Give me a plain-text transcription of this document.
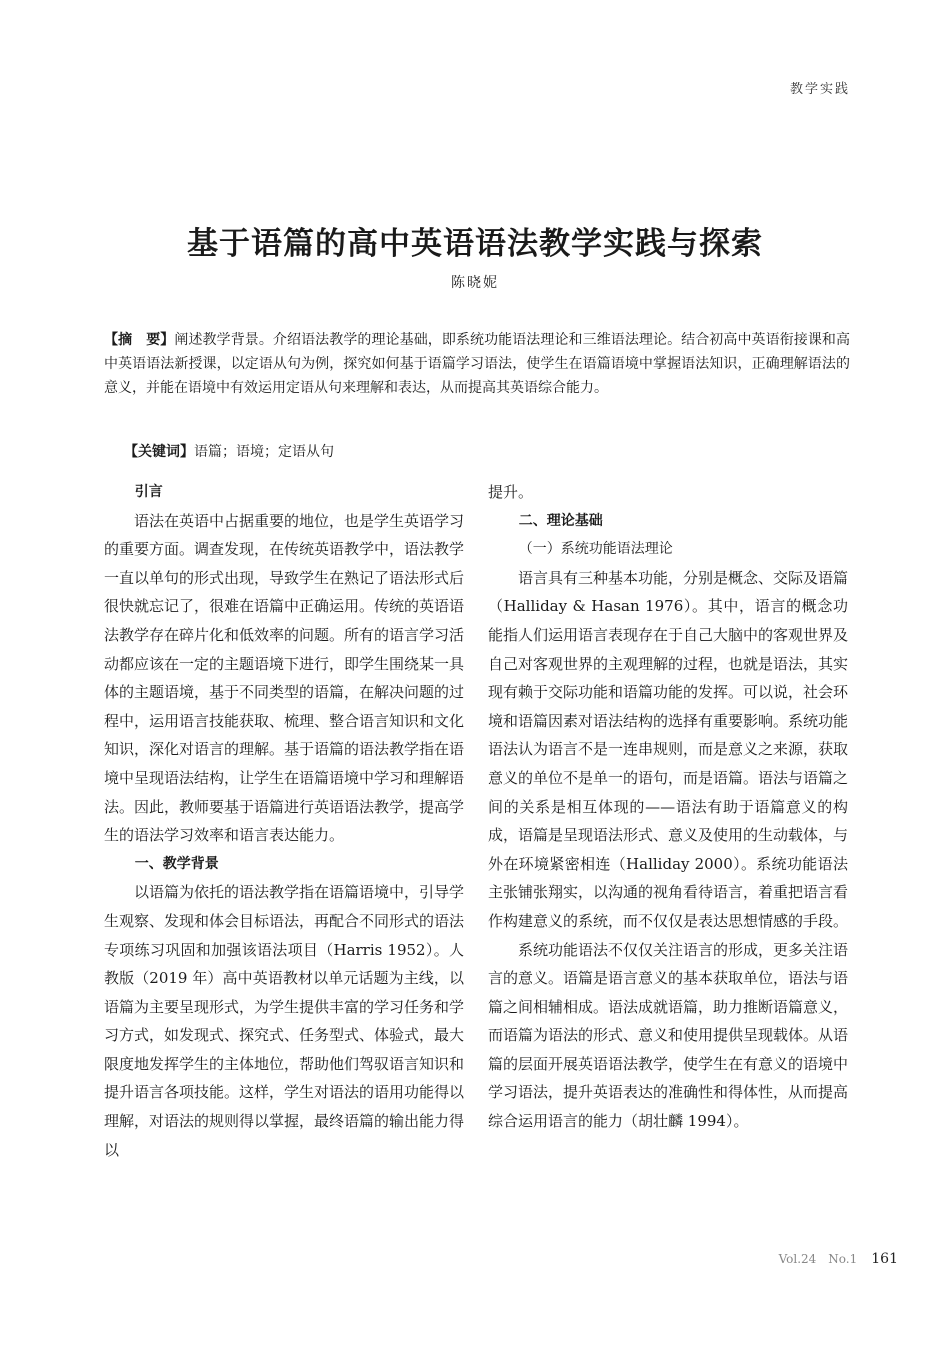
教学实践
基于语篇的高中英语语法教学实践与探索
陈晓妮

【摘　要】阐述教学背景。介绍语法教学的理论基础，即系统功能语法理论和三维语法理论。结合初高中英语衔接课和高中英语语法新授课，以定语从句为例，探究如何基于语篇学习语法，使学生在语篇语境中掌握语法知识，正确理解语法的意义，并能在语境中有效运用定语从句来理解和表达，从而提高其英语综合能力。

【关键词】语篇；语境；定语从句

引言

语法在英语中占据重要的地位，也是学生英语学习的重要方面。调查发现，在传统英语教学中，语法教学一直以单句的形式出现，导致学生在熟记了语法形式后很快就忘记了，很难在语篇中正确运用。传统的英语语法教学存在碎片化和低效率的问题。所有的语言学习活动都应该在一定的主题语境下进行，即学生围绕某一具体的主题语境，基于不同类型的语篇，在解决问题的过程中，运用语言技能获取、梳理、整合语言知识和文化知识，深化对语言的理解。基于语篇的语法教学指在语境中呈现语法结构，让学生在语篇语境中学习和理解语法。因此，教师要基于语篇进行英语语法教学，提高学生的语法学习效率和语言表达能力。

一、教学背景

以语篇为依托的语法教学指在语篇语境中，引导学生观察、发现和体会目标语法，再配合不同形式的语法专项练习巩固和加强该语法项目（Harris 1952）。人教版（2019 年）高中英语教材以单元话题为主线，以语篇为主要呈现形式，为学生提供丰富的学习任务和学习方式，如发现式、探究式、任务型式、体验式，最大限度地发挥学生的主体地位，帮助他们驾驭语言知识和提升语言各项技能。这样，学生对语法的语用功能得以理解，对语法的规则得以掌握，最终语篇的输出能力得以

提升。

二、理论基础

（一）系统功能语法理论

语言具有三种基本功能，分别是概念、交际及语篇（Halliday & Hasan 1976）。其中，语言的概念功能指人们运用语言表现存在于自己大脑中的客观世界及自己对客观世界的主观理解的过程，也就是语法，其实现有赖于交际功能和语篇功能的发挥。可以说，社会环境和语篇因素对语法结构的选择有重要影响。系统功能语法认为语言不是一连串规则，而是意义之来源，获取意义的单位不是单一的语句，而是语篇。语法与语篇之间的关系是相互体现的——语法有助于语篇意义的构成，语篇是呈现语法形式、意义及使用的生动载体，与外在环境紧密相连（Halliday 2000）。系统功能语法主张铺张翔实，以沟通的视角看待语言，着重把语言看作构建意义的系统，而不仅仅是表达思想情感的手段。

系统功能语法不仅仅关注语言的形成，更多关注语言的意义。语篇是语言意义的基本获取单位，语法与语篇之间相辅相成。语法成就语篇，助力推断语篇意义，而语篇为语法的形式、意义和使用提供呈现载体。从语篇的层面开展英语语法教学，使学生在有意义的语境中学习语法，提升英语表达的准确性和得体性，从而提高综合运用语言的能力（胡壮麟 1994）。

Vol.24　No.1 161
